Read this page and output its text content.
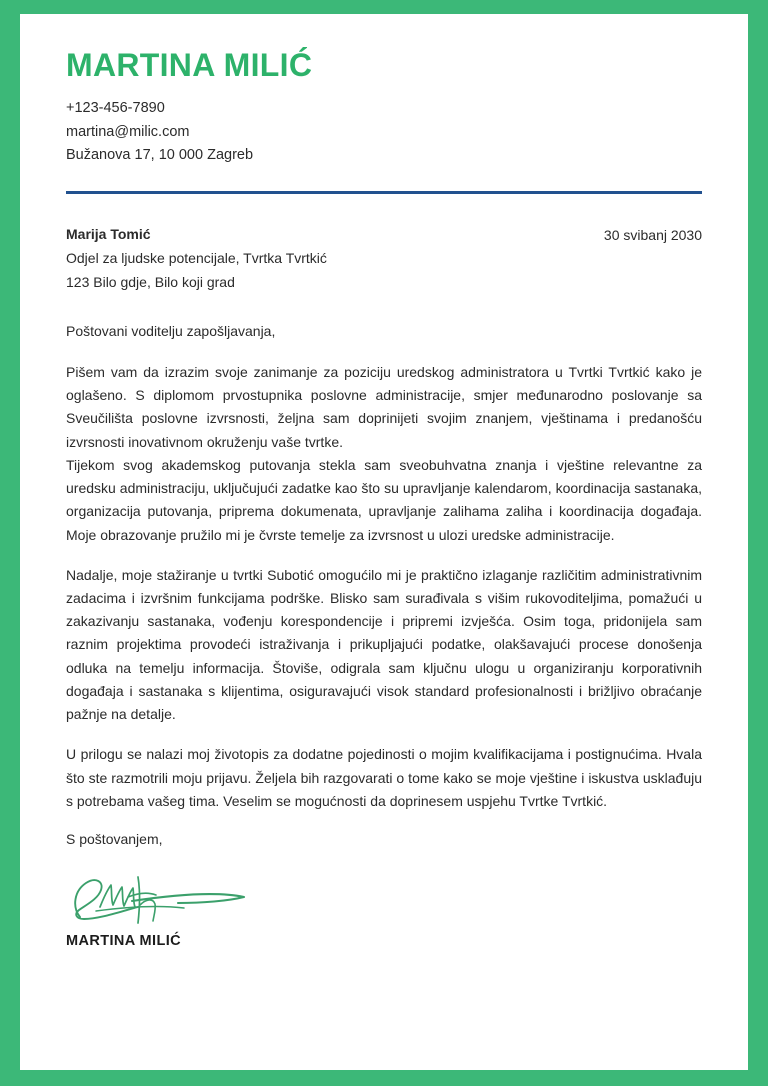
MARTINA MILIĆ
+123-456-7890
martina@milic.com
Bužanova 17, 10 000 Zagreb
Marija Tomić
Odjel za ljudske potencijale, Tvrtka Tvrtkić
123 Bilo gdje, Bilo koji grad
30 svibanj 2030
Poštovani voditelju zapošljavanja,

Pišem vam da izrazim svoje zanimanje za poziciju uredskog administratora u Tvrtki Tvrtkić kako je oglašeno. S diplomom prvostupnika poslovne administracije, smjer međunarodno poslovanje sa Sveučilišta poslovne izvrsnosti, željna sam doprinijeti svojim znanjem, vještinama i predanošću izvrsnosti inovativnom okruženju vaše tvrtke.

Tijekom svog akademskog putovanja stekla sam sveobuhvatna znanja i vještine relevantne za uredsku administraciju, uključujući zadatke kao što su upravljanje kalendarom, koordinacija sastanaka, organizacija putovanja, priprema dokumenata, upravljanje zalihama zaliha i koordinacija događaja. Moje obrazovanje pružilo mi je čvrste temelje za izvrsnost u ulozi uredske administracije.

Nadalje, moje stažiranje u tvrtki Subotić omogućilo mi je praktično izlaganje različitim administrativnim zadacima i izvršnim funkcijama podrške. Blisko sam surađivala s višim rukovoditeljima, pomažući u zakazivanju sastanaka, vođenju korespondencije i pripremi izvješća. Osim toga, pridonijela sam raznim projektima provodeći istraživanja i prikupljajući podatke, olakšavajući procese donošenja odluka na temelju informacija. Štoviše, odigrala sam ključnu ulogu u organiziranju korporativnih događaja i sastanaka s klijentima, osiguravajući visok standard profesionalnosti i brižljivo obraćanje pažnje na detalje.

U prilogu se nalazi moj životopis za dodatne pojedinosti o mojim kvalifikacijama i postignućima. Hvala što ste razmotrili moju prijavu. Željela bih razgovarati o tome kako se moje vještine i iskustva usklađuju s potrebama vašeg tima. Veselim se mogućnosti da doprinesem uspjehu Tvrtke Tvrtkić.

S poštovanjem,
MARTINA MILIĆ
